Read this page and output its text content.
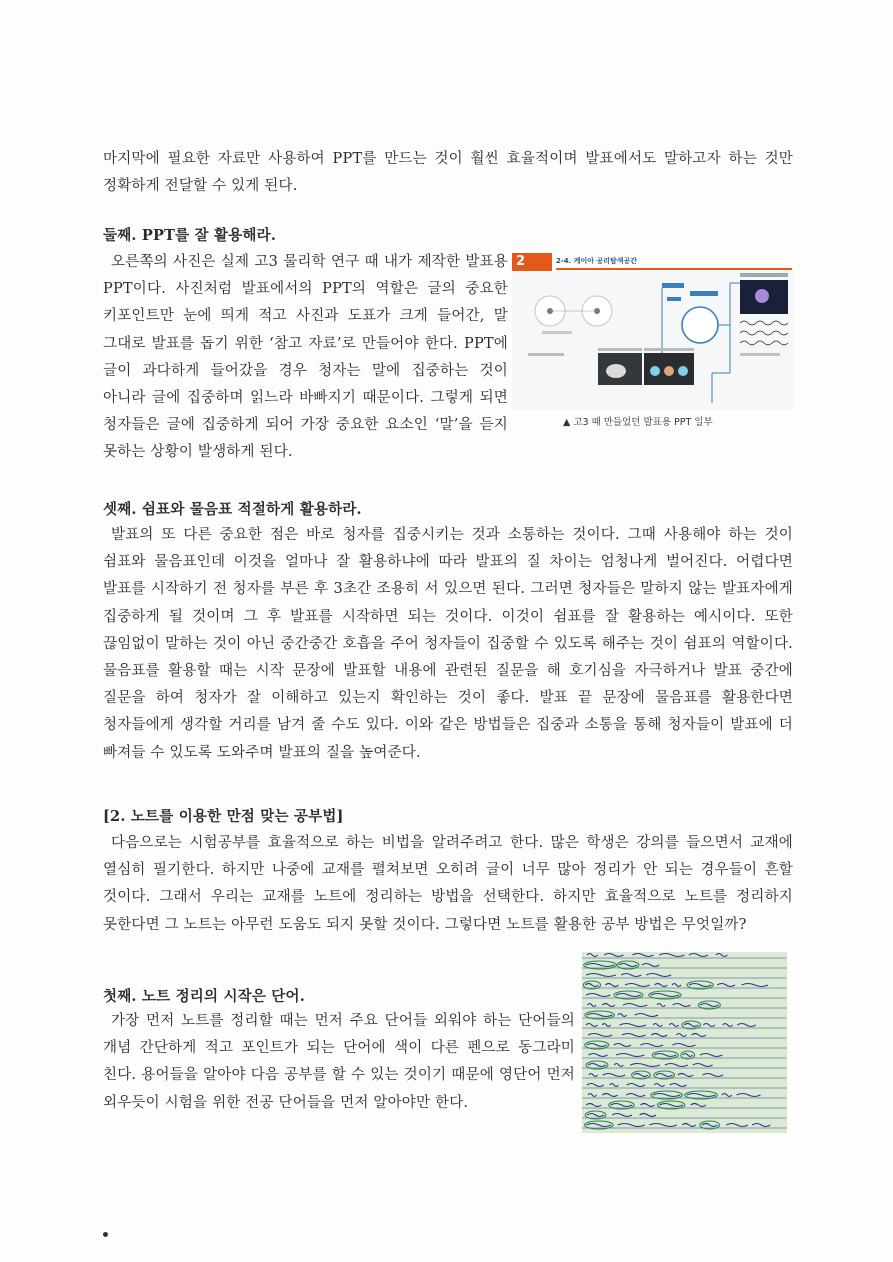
마지막에 필요한 자료만 사용하여 PPT를 만드는 것이 훨씬 효율적이며 발표에서도 말하고자 하는 것만 정확하게 전달할 수 있게 된다.

둘째. PPT를 잘 활용해라.
오른쪽의 사진은 실제 고3 물리학 연구 때 내가 제작한 발표용 PPT이다. 사진처럼 발표에서의 PPT의 역할은 글의 중요한 키포인트만 눈에 띄게 적고 사진과 도표가 크게 들어간, 말 그대로 발표를 돕기 위한 ‘참고 자료’로 만들어야 한다. PPT에 글이 과다하게 들어갔을 경우 청자는 말에 집중하는 것이 아니라 글에 집중하며 읽느라 바빠지기 때문이다. 그렇게 되면 청자들은 글에 집중하게 되어 가장 중요한 요소인 ‘말’을 듣지 못하는 상황이 발생하게 된다.
2	2-4. 케이아 공리탐색공간
▲ 고3 때 만들었던 발표용 PPT 일부
셋째. 쉼표와 물음표 적절하게 활용하라.
발표의 또 다른 중요한 점은 바로 청자를 집중시키는 것과 소통하는 것이다. 그때 사용해야 하는 것이 쉼표와 물음표인데 이것을 얼마나 잘 활용하냐에 따라 발표의 질 차이는 엄청나게 벌어진다. 어렵다면 발표를 시작하기 전 청자를 부른 후 3초간 조용히 서 있으면 된다. 그러면 청자들은 말하지 않는 발표자에게 집중하게 될 것이며 그 후 발표를 시작하면 되는 것이다. 이것이 쉼표를 잘 활용하는 예시이다. 또한 끊임없이 말하는 것이 아닌 중간중간 호흡을 주어 청자들이 집중할 수 있도록 해주는 것이 쉼표의 역할이다. 물음표를 활용할 때는 시작 문장에 발표할 내용에 관련된 질문을 해 호기심을 자극하거나 발표 중간에 질문을 하여 청자가 잘 이해하고 있는지 확인하는 것이 좋다. 발표 끝 문장에 물음표를 활용한다면 청자들에게 생각할 거리를 남겨 줄 수도 있다. 이와 같은 방법들은 집중과 소통을 통해 청자들이 발표에 더 빠져들 수 있도록 도와주며 발표의 질을 높여준다.
[2. 노트를 이용한 만점 맞는 공부법]
다음으로는 시험공부를 효율적으로 하는 비법을 알려주려고 한다. 많은 학생은 강의를 들으면서 교재에 열심히 필기한다. 하지만 나중에 교재를 펼쳐보면 오히려 글이 너무 많아 정리가 안 되는 경우들이 흔할 것이다. 그래서 우리는 교재를 노트에 정리하는 방법을 선택한다. 하지만 효율적으로 노트를 정리하지 못한다면 그 노트는 아무런 도움도 되지 못할 것이다. 그렇다면 노트를 활용한 공부 방법은 무엇일까?
첫째. 노트 정리의 시작은 단어.
가장 먼저 노트를 정리할 때는 먼저 주요 단어들 외워야 하는 단어들의 개념 간단하게 적고 포인트가 되는 단어에 색이 다른 펜으로 동그라미 친다. 용어들을 알아야 다음 공부를 할 수 있는 것이기 때문에 영단어 먼저 외우듯이 시험을 위한 전공 단어들을 먼저 알아야만 한다.
